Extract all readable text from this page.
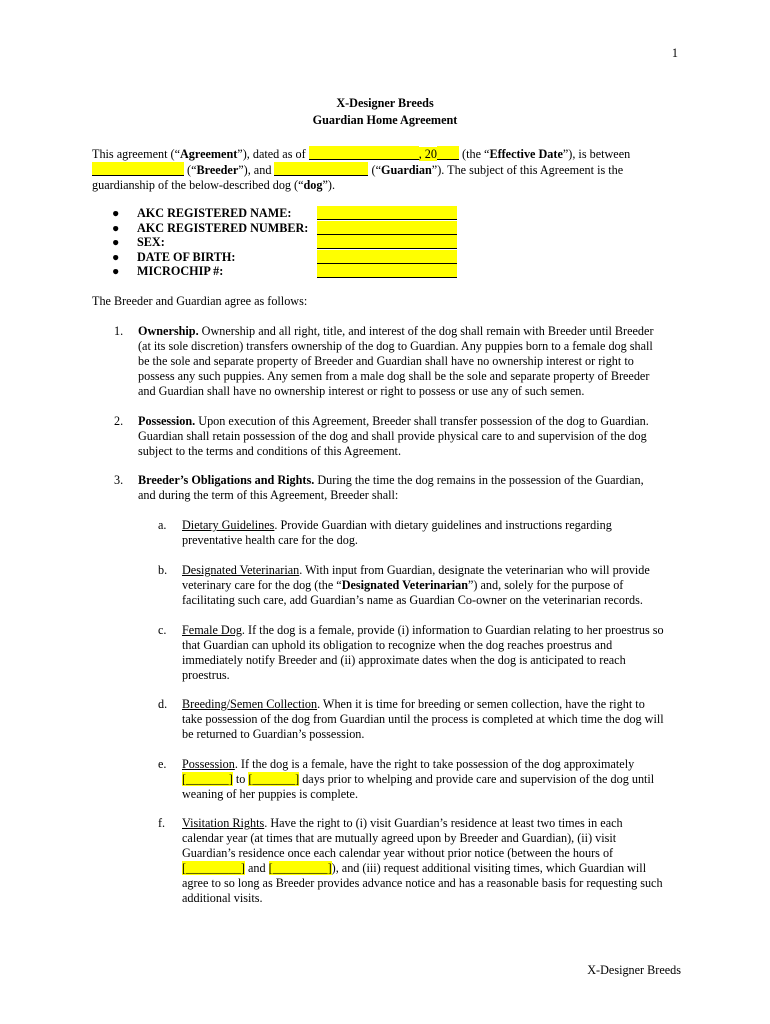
1
X-Designer Breeds
Guardian Home Agreement
This agreement (“Agreement”), dated as of	, 20 (the “Effective Date”), is between
(“Breeder”), and	(“Guardian”). The subject of this Agreement is the
guardianship of the below-described dog (“dog”).
● AKC REGISTERED NAME:
● AKC REGISTERED NUMBER:
● SEX:
● DATE OF BIRTH:
● MICROCHIP #:
The Breeder and Guardian agree as follows:
1. Ownership. Ownership and all right, title, and interest of the dog shall remain with Breeder until Breeder
(at its sole discretion) transfers ownership of the dog to Guardian. Any puppies born to a female dog shall
be the sole and separate property of Breeder and Guardian shall have no ownership interest or right to
possess any such puppies. Any semen from a male dog shall be the sole and separate property of Breeder
and Guardian shall have no ownership interest or right to possess or use any of such semen.
2. Possession. Upon execution of this Agreement, Breeder shall transfer possession of the dog to Guardian.
Guardian shall retain possession of the dog and shall provide physical care to and supervision of the dog
subject to the terms and conditions of this Agreement.
3. Breeder’s Obligations and Rights. During the time the dog remains in the possession of the Guardian,
and during the term of this Agreement, Breeder shall:
a. Dietary Guidelines. Provide Guardian with dietary guidelines and instructions regarding
preventative health care for the dog.
b. Designated Veterinarian. With input from Guardian, designate the veterinarian who will provide
veterinary care for the dog (the “Designated Veterinarian”) and, solely for the purpose of
facilitating such care, add Guardian’s name as Guardian Co-owner on the veterinarian records.
c. Female Dog. If the dog is a female, provide (i) information to Guardian relating to her proestrus so
that Guardian can uphold its obligation to recognize when the dog reaches proestrus and
immediately notify Breeder and (ii) approximate dates when the dog is anticipated to reach
proestrus.
d. Breeding/Semen Collection. When it is time for breeding or semen collection, have the right to
take possession of the dog from Guardian until the process is completed at which time the dog will
be returned to Guardian’s possession.
e. Possession. If the dog is a female, have the right to take possession of the dog approximately
[_______] to [_______] days prior to whelping and provide care and supervision of the dog until
weaning of her puppies is complete.
f. Visitation Rights. Have the right to (i) visit Guardian’s residence at least two times in each
calendar year (at times that are mutually agreed upon by Breeder and Guardian), (ii) visit
Guardian’s residence once each calendar year without prior notice (between the hours of
[_________] and [_________]), and (iii) request additional visiting times, which Guardian will
agree to so long as Breeder provides advance notice and has a reasonable basis for requesting such
additional visits.
X-Designer Breeds
